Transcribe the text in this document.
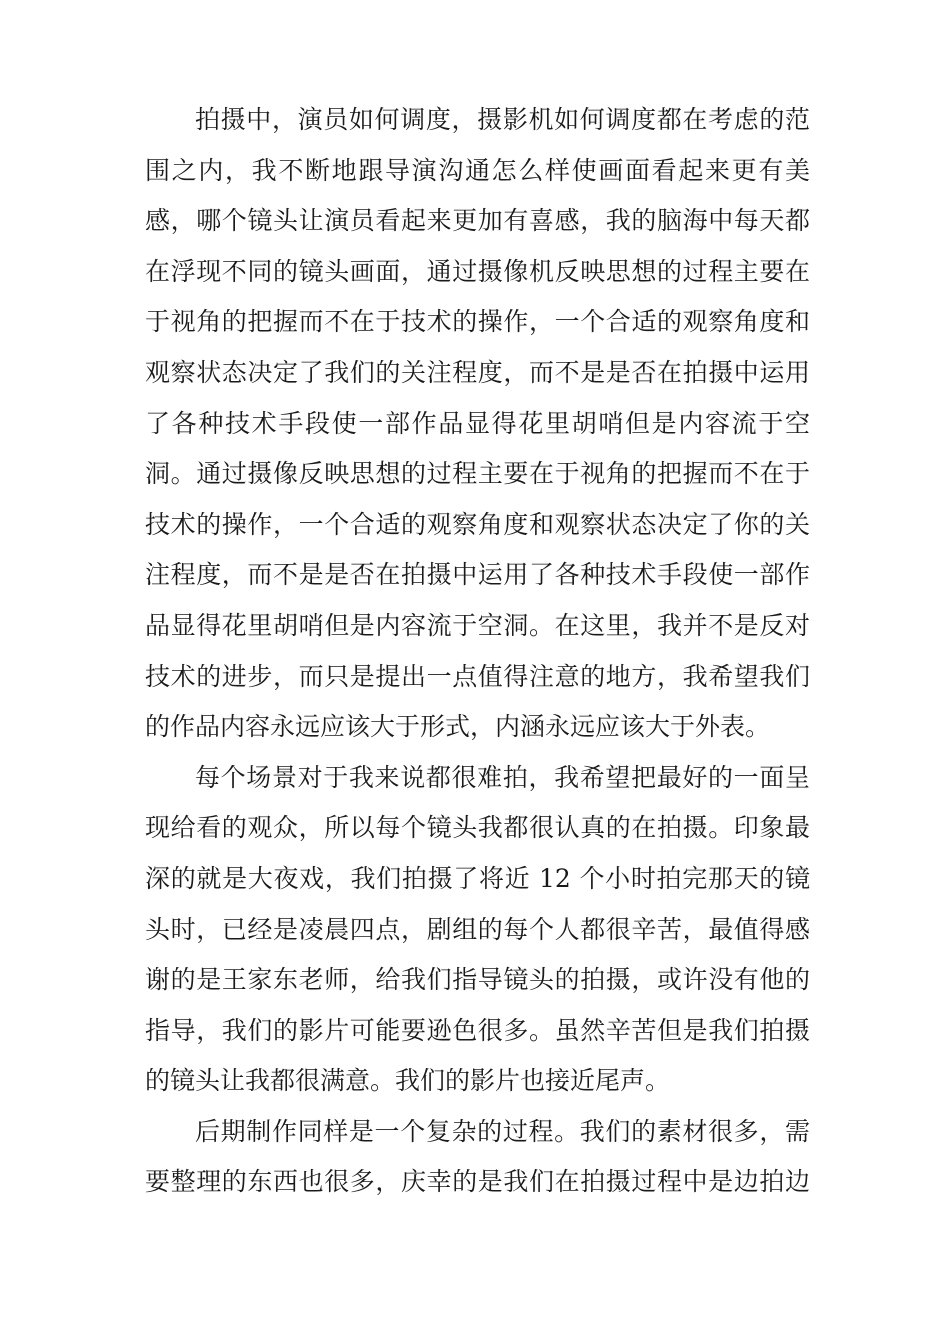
拍摄中，演员如何调度，摄影机如何调度都在考虑的范
围之内，我不断地跟导演沟通怎么样使画面看起来更有美
感，哪个镜头让演员看起来更加有喜感，我的脑海中每天都
在浮现不同的镜头画面，通过摄像机反映思想的过程主要在
于视角的把握而不在于技术的操作，一个合适的观察角度和
观察状态决定了我们的关注程度，而不是是否在拍摄中运用
了各种技术手段使一部作品显得花里胡哨但是内容流于空
洞。通过摄像反映思想的过程主要在于视角的把握而不在于
技术的操作，一个合适的观察角度和观察状态决定了你的关
注程度，而不是是否在拍摄中运用了各种技术手段使一部作
品显得花里胡哨但是内容流于空洞。在这里，我并不是反对
技术的进步，而只是提出一点值得注意的地方，我希望我们
的作品内容永远应该大于形式，内涵永远应该大于外表。
每个场景对于我来说都很难拍，我希望把最好的一面呈
现给看的观众，所以每个镜头我都很认真的在拍摄。印象最
深的就是大夜戏，我们拍摄了将近 12 个小时拍完那天的镜
头时，已经是凌晨四点，剧组的每个人都很辛苦，最值得感
谢的是王家东老师，给我们指导镜头的拍摄，或许没有他的
指导，我们的影片可能要逊色很多。虽然辛苦但是我们拍摄
的镜头让我都很满意。我们的影片也接近尾声。
后期制作同样是一个复杂的过程。我们的素材很多，需
要整理的东西也很多，庆幸的是我们在拍摄过程中是边拍边
